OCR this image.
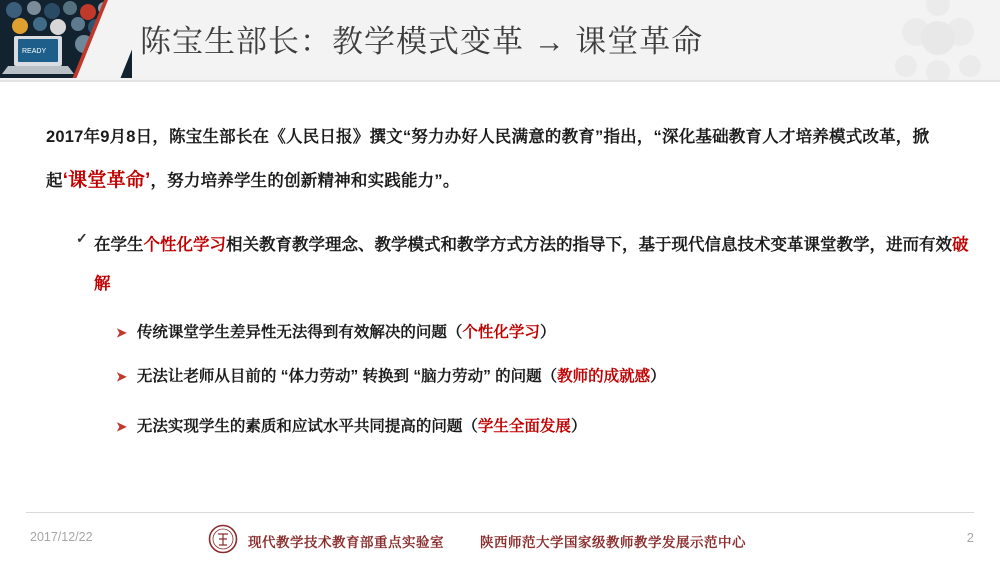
READY	陈宝生部长：教学模式变革 → 课堂革命
2017年9月8日，陈宝生部长在《人民日报》撰文“努力办好人民满意的教育”指出，“深化基础教育人才培养模式改革，掀起‘课堂革命’，努力培养学生的创新精神和实践能力”。
✓ 在学生个性化学习相关教育教学理念、教学模式和教学方式方法的指导下，基于现代信息技术变革课堂教学，进而有效破解
➤ 传统课堂学生差异性无法得到有效解决的问题（个性化学习）
➤ 无法让老师从目前的 “体力劳动” 转换到 “脑力劳动” 的问题（教师的成就感）
➤ 无法实现学生的素质和应试水平共同提高的问题（学生全面发展）
2017/12/22	现代教学技术教育部重点实验室	陕西师范大学国家级教师教学发展示范中心	2
